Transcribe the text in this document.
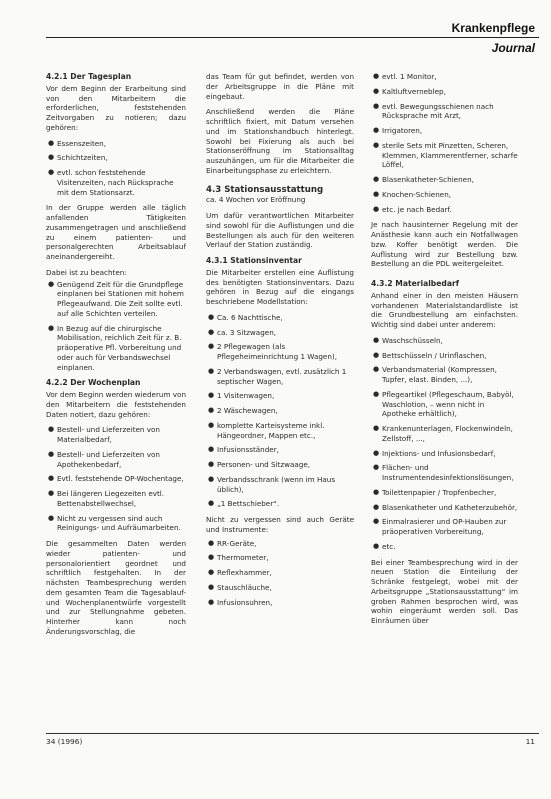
Krankenpflege
Journal
4.2.1 Der Tagesplan

Vor dem Beginn der Erarbeitung sind von den Mitarbeitern die erforderlichen, feststehenden Zeitvorgaben zu notieren; dazu gehören:

● Essenszeiten,
● Schichtzeiten,
● evtl. schon feststehende Visitenzeiten, nach Rücksprache mit dem Stationsarzt.

In der Gruppe werden alle täglich anfallenden Tätigkeiten zusammengetragen und anschließend zu einem patienten- und personalgerechten Arbeitsablauf aneinandergereiht.

Dabei ist zu beachten:

● Genügend Zeit für die Grundpflege einplanen bei Stationen mit hohem Pflegeaufwand. Die Zeit sollte evtl. auf alle Schichten verteilen.
● In Bezug auf die chirurgische Mobilisation, reichlich Zeit für z. B. präoperative Pfl. Vorbereitung und oder auch für Verbandswechsel einplanen.
4.2.2 Der Wochenplan

Vor dem Beginn werden wiederum von den Mitarbeitern die feststehenden Daten notiert, dazu gehören:

● Bestell- und Lieferzeiten von Materialbedarf,
● Bestell- und Lieferzeiten von Apothekenbedarf,
● Evtl. feststehende OP-Wochentage,
● Bei längeren Liegezeiten evtl. Bettenabstellwechsel,
● Nicht zu vergessen sind auch Reinigungs- und Aufräumarbeiten.

Die gesammelten Daten werden wieder patienten- und personalorientiert geordnet und schriftlich festgehalten. In der nächsten Teambesprechung werden dem gesamten Team die Tagesablauf- und Wochenplanentwürfe vorgestellt und zur Stellungnahme gebeten. Hinterher kann noch Änderungsvorschlag, die

das Team für gut befindet, werden von der Arbeitsgruppe in die Pläne mit eingebaut.

Anschließend werden die Pläne schriftlich fixiert, mit Datum versehen und im Stationshandbuch hinterlegt. Sowohl bei Fixierung als auch bei Stationseröffnung im Stationsalltag auszuhängen, um für die Mitarbeiter die Einarbeitungsphase zu erleichtern.

4.3 Stationsausstattung
ca. 4 Wochen vor Eröffnung

Um dafür verantwortlichen Mitarbeiter sind sowohl für die Auflistungen und die Bestellungen als auch für den weiteren Verlauf der Station zuständig.

4.3.1 Stationsinventar

Die Mitarbeiter erstellen eine Auflistung des benötigten Stationsinventars. Dazu gehören in Bezug auf die eingangs beschriebene Modellstation:

● Ca. 6 Nachttische,
● ca. 3 Sitzwagen,
● 2 Pflegewagen (als Pflegeheimeinrichtung 1 Wagen),
● 2 Verbandswagen, evtl. zusätzlich 1 septischer Wagen,
● 1 Visitenwagen,
● 2 Wäschewagen,
● komplette Karteisysteme inkl. Hängeordner, Mappen etc.,
● Infusionsständer,
● Personen- und Sitzwaage,
● Verbandsschrank (wenn im Haus üblich),
● „1 Bettschieber“.

Nicht zu vergessen sind auch Geräte und Instrumente:

● RR-Geräte,
● Thermometer,
● Reflexhammer,
● Stauschläuche,
● Infusionsuhren,
● evtl. 1 Monitor,
● Kaltluftverneblер,
● evtl. Bewegungsschienen nach Rücksprache mit Arzt,
● Irrigatoren,
● sterile Sets mit Pinzetten, Scheren, Klemmen, Klammerentferner, scharfe Löffel,
● Blasenkatheter-Schienen,
● Knochen-Schienen,
● etc. je nach Bedarf.

Je nach hausinterner Regelung mit der Anästhesie kann auch ein Notfallwagen bzw. Koffer benötigt werden. Die Auflistung wird zur Bestellung bzw. Bestellung an die PDL weitergeleitet.

4.3.2 Materialbedarf

Anhand einer in den meisten Häusern vorhandenen Materialstandardliste ist die Grundbestellung am einfachsten. Wichtig sind dabei unter anderem:

● Waschschüsseln,
● Bettschüsseln / Urinflaschen,
● Verbandsmaterial (Kompressen, Tupfer, elast. Binden, ...),
● Pflegeartikel (Pflegeschaum, Babyöl, Waschlotion, – wenn nicht in Apotheke erhältlich),
● Krankenunterlagen, Flockenwindeln, Zellstoff, ...,
● Injektions- und Infusionsbedarf,
● Flächen- und Instrumentendesinfektionslösungen,
● Toilettenpapier / Tropfenbecher,
● Blasenkatheter und Katheterzubehör,
● Einmalrasierer und OP-Hauben zur präoperativen Vorbereitung,
● etc.

Bei einer Teambesprechung wird in der neuen Station die Einteilung der Schränke festgelegt, wobei mit der Arbeitsgruppe „Stationsausstattung“ im groben Rahmen besprochen wird, was wohin eingeräumt werden soll. Das Einräumen über

34 (1996)	11
